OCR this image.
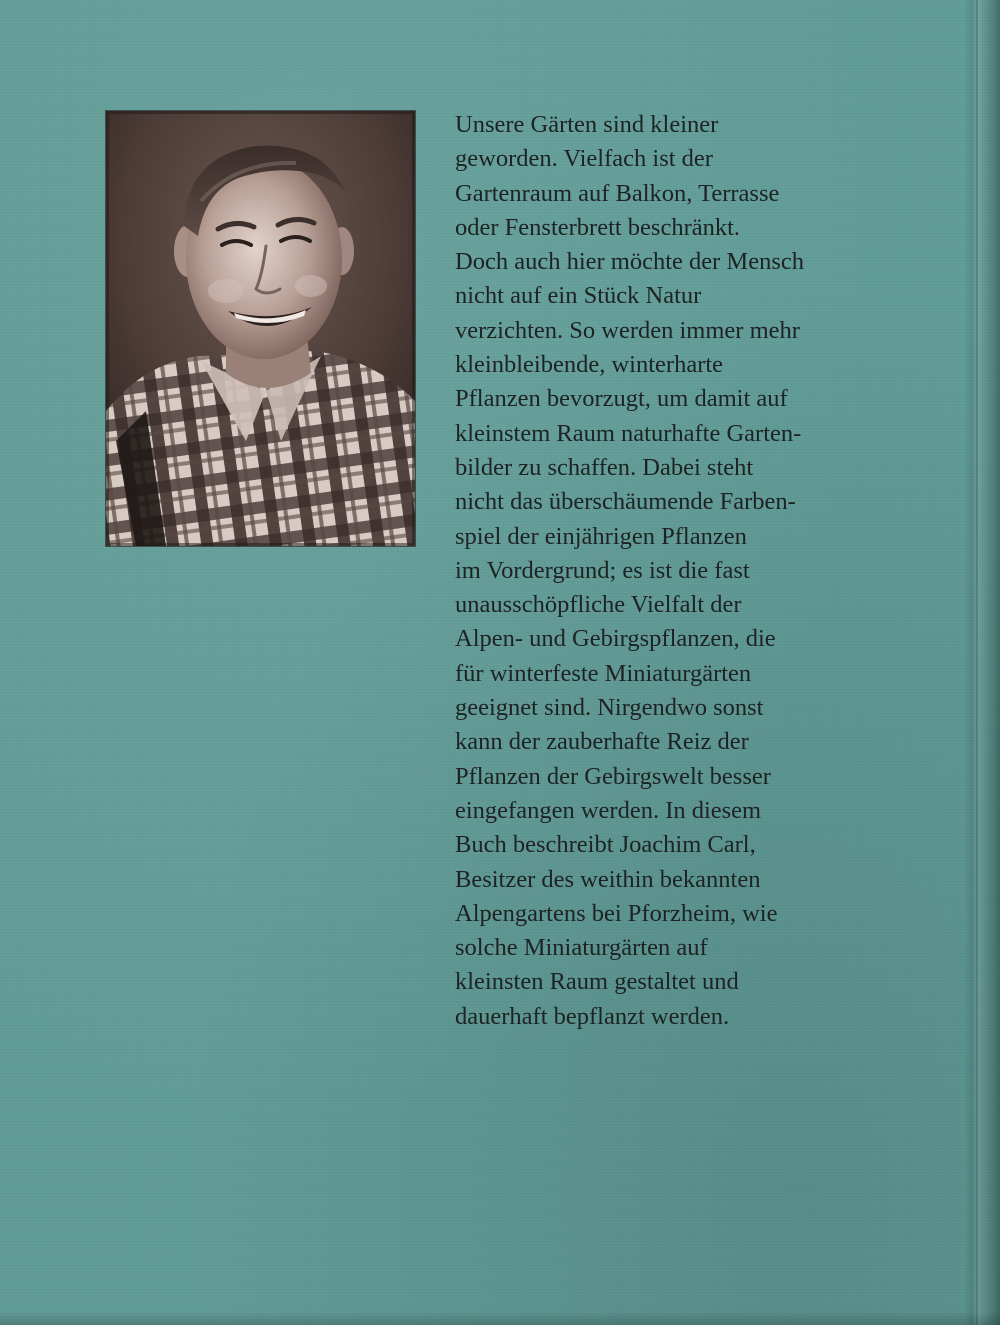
Unsere Gärten sind kleiner
geworden. Vielfach ist der
Gartenraum auf Balkon, Terrasse
oder Fensterbrett beschränkt.
Doch auch hier möchte der Mensch
nicht auf ein Stück Natur
verzichten. So werden immer mehr
kleinbleibende, winterharte
Pflanzen bevorzugt, um damit auf
kleinstem Raum naturhafte Garten-
bilder zu schaffen. Dabei steht
nicht das überschäumende Farben-
spiel der einjährigen Pflanzen
im Vordergrund; es ist die fast
unausschöpfliche Vielfalt der
Alpen- und Gebirgspflanzen, die
für winterfeste Miniaturgärten
geeignet sind. Nirgendwo sonst
kann der zauberhafte Reiz der
Pflanzen der Gebirgswelt besser
eingefangen werden. In diesem
Buch beschreibt Joachim Carl,
Besitzer des weithin bekannten
Alpengartens bei Pforzheim, wie
solche Miniaturgärten auf
kleinsten Raum gestaltet und
dauerhaft bepflanzt werden.
